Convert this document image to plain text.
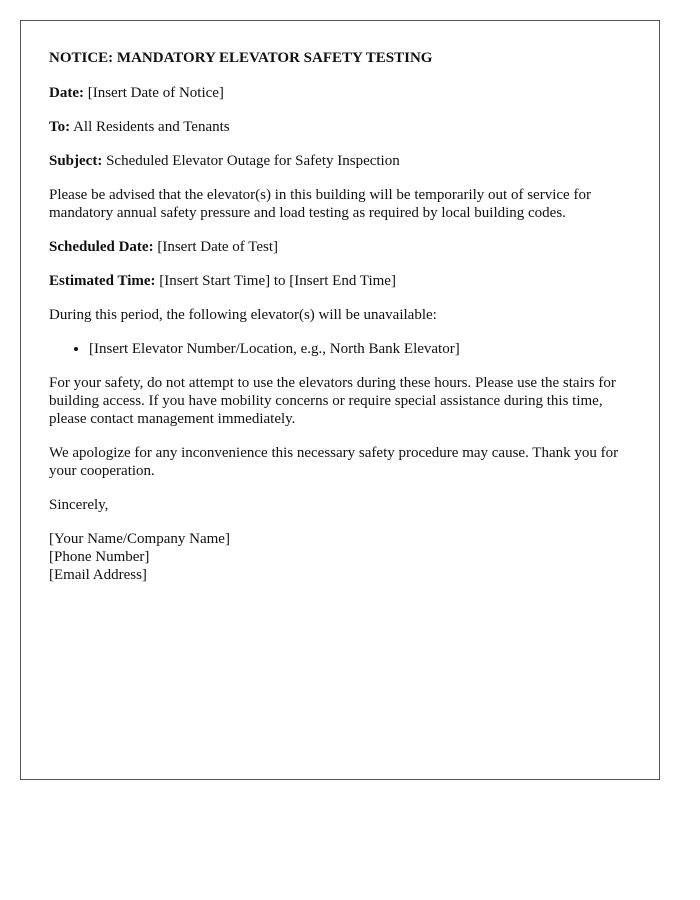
NOTICE: MANDATORY ELEVATOR SAFETY TESTING

Date: [Insert Date of Notice]

To: All Residents and Tenants

Subject: Scheduled Elevator Outage for Safety Inspection

Please be advised that the elevator(s) in this building will be temporarily out of service for mandatory annual safety pressure and load testing as required by local building codes.

Scheduled Date: [Insert Date of Test]

Estimated Time: [Insert Start Time] to [Insert End Time]

During this period, the following elevator(s) will be unavailable:

• [Insert Elevator Number/Location, e.g., North Bank Elevator]

For your safety, do not attempt to use the elevators during these hours. Please use the stairs for building access. If you have mobility concerns or require special assistance during this time, please contact management immediately.

We apologize for any inconvenience this necessary safety procedure may cause. Thank you for your cooperation.

Sincerely,

[Your Name/Company Name]
[Phone Number]
[Email Address]
